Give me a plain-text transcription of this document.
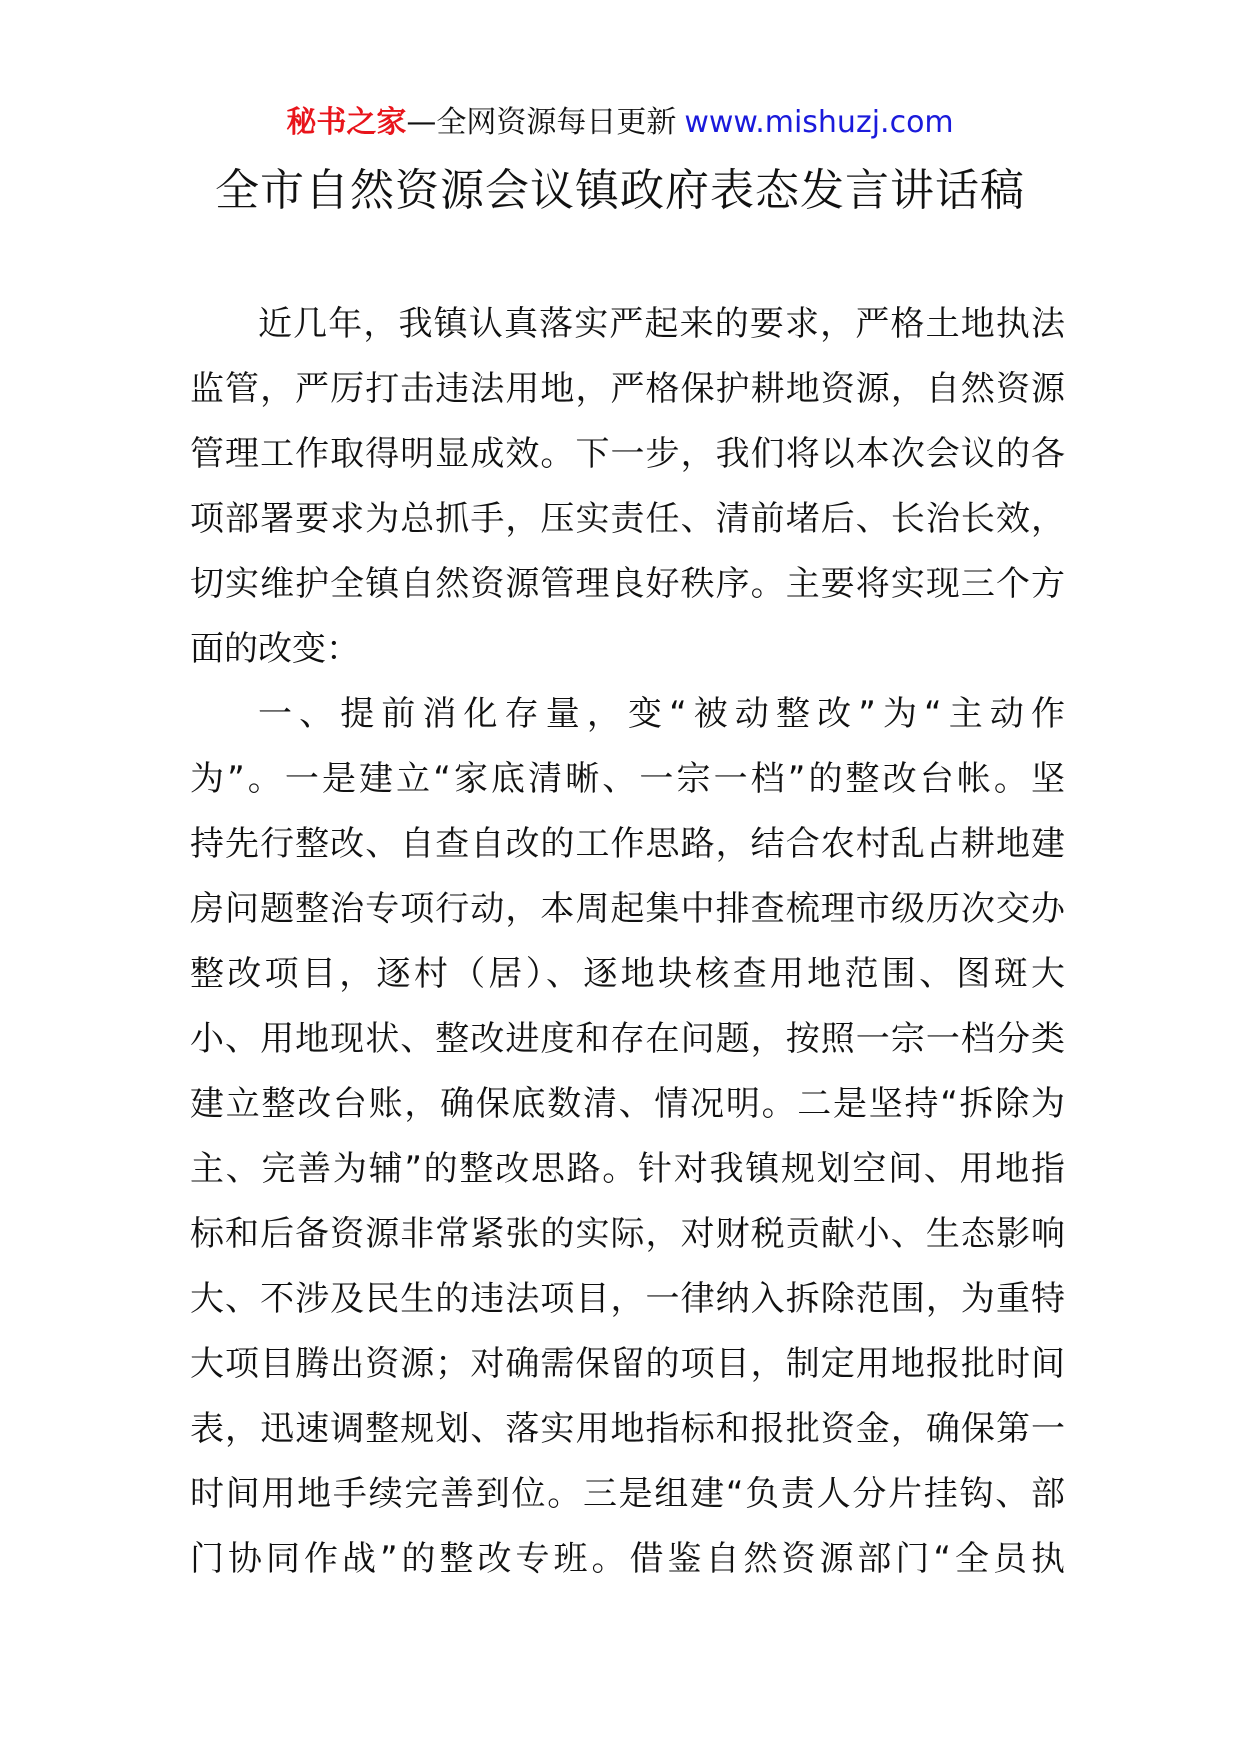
秘书之家—全网资源每日更新 www.mishuzj.com
全市自然资源会议镇政府表态发言讲话稿
近几年，我镇认真落实严起来的要求，严格土地执法
监管，严厉打击违法用地，严格保护耕地资源，自然资源
管理工作取得明显成效。下一步，我们将以本次会议的各
项部署要求为总抓手，压实责任、清前堵后、长治长效，
切实维护全镇自然资源管理良好秩序。主要将实现三个方
面的改变：
一、提前消化存量，变“被动整改”为“主动作
为”。一是建立“家底清晰、一宗一档”的整改台帐。坚
持先行整改、自查自改的工作思路，结合农村乱占耕地建
房问题整治专项行动，本周起集中排查梳理市级历次交办
整改项目，逐村（居）、逐地块核查用地范围、图斑大
小、用地现状、整改进度和存在问题，按照一宗一档分类
建立整改台账，确保底数清、情况明。二是坚持“拆除为
主、完善为辅”的整改思路。针对我镇规划空间、用地指
标和后备资源非常紧张的实际，对财税贡献小、生态影响
大、不涉及民生的违法项目，一律纳入拆除范围，为重特
大项目腾出资源；对确需保留的项目，制定用地报批时间
表，迅速调整规划、落实用地指标和报批资金，确保第一
时间用地手续完善到位。三是组建“负责人分片挂钩、部
门协同作战”的整改专班。借鉴自然资源部门“全员执
